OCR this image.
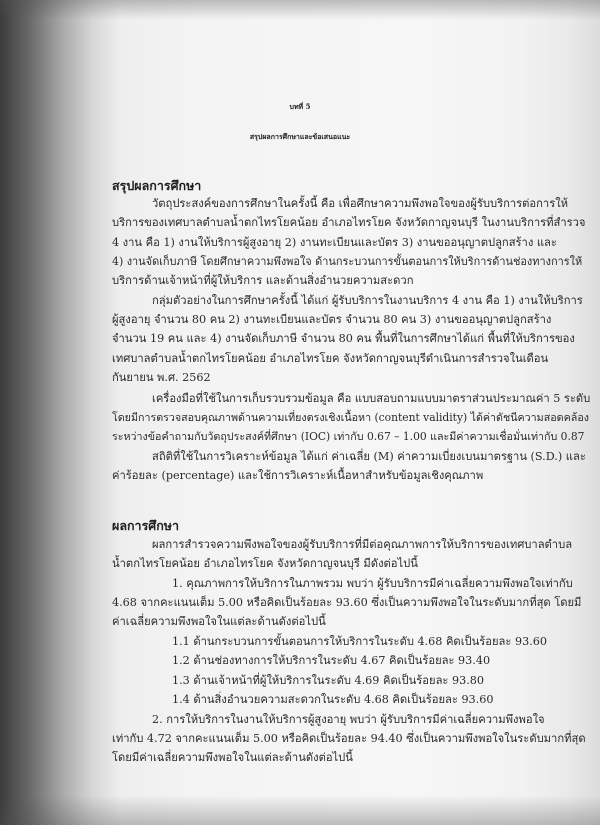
บทที่ 5

สรุปผลการศึกษาและข้อเสนอแนะ

สรุปผลการศึกษา

วัตถุประสงค์ของการศึกษาในครั้งนี้ คือ เพื่อศึกษาความพึงพอใจของผู้รับบริการต่อการให้

บริการของเทศบาลตำบลน้ำตกไทรโยคน้อย อำเภอไทรโยค จังหวัดกาญจนบุรี ในงานบริการที่สำรวจ

4 งาน คือ 1) งานให้บริการผู้สูงอายุ 2) งานทะเบียนและบัตร 3) งานขออนุญาตปลูกสร้าง และ

4) งานจัดเก็บภาษี โดยศึกษาความพึงพอใจ ด้านกระบวนการขั้นตอนการให้บริการด้านช่องทางการให้

บริการด้านเจ้าหน้าที่ผู้ให้บริการ และด้านสิ่งอำนวยความสะดวก

กลุ่มตัวอย่างในการศึกษาครั้งนี้ ได้แก่ ผู้รับบริการในงานบริการ 4 งาน คือ 1) งานให้บริการ

ผู้สูงอายุ จำนวน 80 คน 2) งานทะเบียนและบัตร จำนวน 80 คน 3) งานขออนุญาตปลูกสร้าง

จำนวน 19 คน และ 4) งานจัดเก็บภาษี จำนวน 80 คน พื้นที่ในการศึกษาได้แก่ พื้นที่ให้บริการของ

เทศบาลตำบลน้ำตกไทรโยคน้อย อำเภอไทรโยค จังหวัดกาญจนบุรีดำเนินการสำรวจในเดือน

กันยายน พ.ศ. 2562

เครื่องมือที่ใช้ในการเก็บรวบรวมข้อมูล คือ แบบสอบถามแบบมาตราส่วนประมาณค่า 5 ระดับ

โดยมีการตรวจสอบคุณภาพด้านความเที่ยงตรงเชิงเนื้อหา (content validity) ได้ค่าดัชนีความสอดคล้อง

ระหว่างข้อคำถามกับวัตถุประสงค์ที่ศึกษา (IOC) เท่ากับ 0.67 – 1.00 และมีค่าความเชื่อมั่นเท่ากับ 0.87

สถิติที่ใช้ในการวิเคราะห์ข้อมูล ได้แก่ ค่าเฉลี่ย (M) ค่าความเบี่ยงเบนมาตรฐาน (S.D.) และ

ค่าร้อยละ (percentage) และใช้การวิเคราะห์เนื้อหาสำหรับข้อมูลเชิงคุณภาพ

ผลการศึกษา

ผลการสำรวจความพึงพอใจของผู้รับบริการที่มีต่อคุณภาพการให้บริการของเทศบาลตำบล

น้ำตกไทรโยคน้อย อำเภอไทรโยค จังหวัดกาญจนบุรี มีดังต่อไปนี้

1. คุณภาพการให้บริการในภาพรวม พบว่า ผู้รับบริการมีค่าเฉลี่ยความพึงพอใจเท่ากับ

4.68 จากคะแนนเต็ม 5.00 หรือคิดเป็นร้อยละ 93.60 ซึ่งเป็นความพึงพอใจในระดับมากที่สุด โดยมี

ค่าเฉลี่ยความพึงพอใจในแต่ละด้านดังต่อไปนี้

1.1 ด้านกระบวนการขั้นตอนการให้บริการในระดับ 4.68 คิดเป็นร้อยละ 93.60

1.2 ด้านช่องทางการให้บริการในระดับ 4.67 คิดเป็นร้อยละ 93.40

1.3 ด้านเจ้าหน้าที่ผู้ให้บริการในระดับ 4.69 คิดเป็นร้อยละ 93.80

1.4 ด้านสิ่งอำนวยความสะดวกในระดับ 4.68 คิดเป็นร้อยละ 93.60

2. การให้บริการในงานให้บริการผู้สูงอายุ พบว่า ผู้รับบริการมีค่าเฉลี่ยความพึงพอใจ

เท่ากับ 4.72 จากคะแนนเต็ม 5.00 หรือคิดเป็นร้อยละ 94.40 ซึ่งเป็นความพึงพอใจในระดับมากที่สุด

โดยมีค่าเฉลี่ยความพึงพอใจในแต่ละด้านดังต่อไปนี้
